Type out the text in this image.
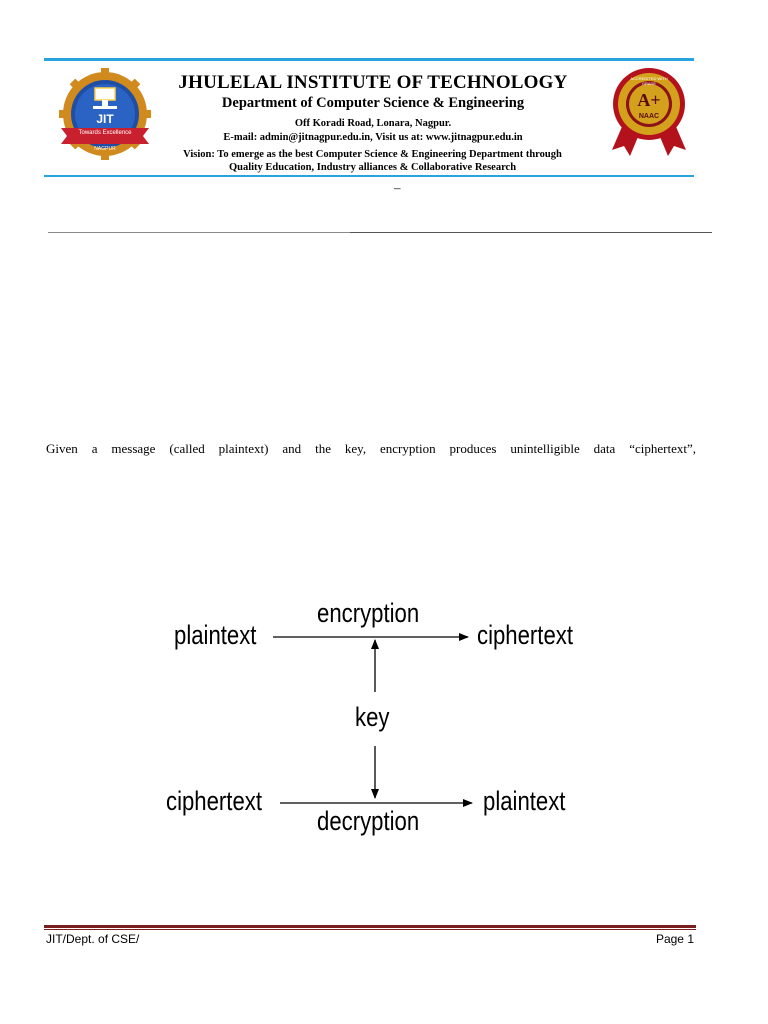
JIT
Towards Excellence
NAGPUR
JHULELAL INSTITUTE OF TECHNOLOGY
Department of Computer Science & Engineering
Off Koradi Road, Lonara, Nagpur.
E-mail: admin@jitnagpur.edu.in, Visit us at: www.jitnagpur.edu.in
Vision: To emerge as the best Computer Science & Engineering Department through
Quality Education, Industry alliances & Collaborative Research
ACCREDITED WITH GRADE
A+
NAAC
–
Given a message (called plaintext) and the key, encryption produces unintelligible data “ciphertext”,
plaintext
encryption
ciphertext
key
ciphertext
decryption
plaintext
JIT/Dept. of CSE/	Page 1
